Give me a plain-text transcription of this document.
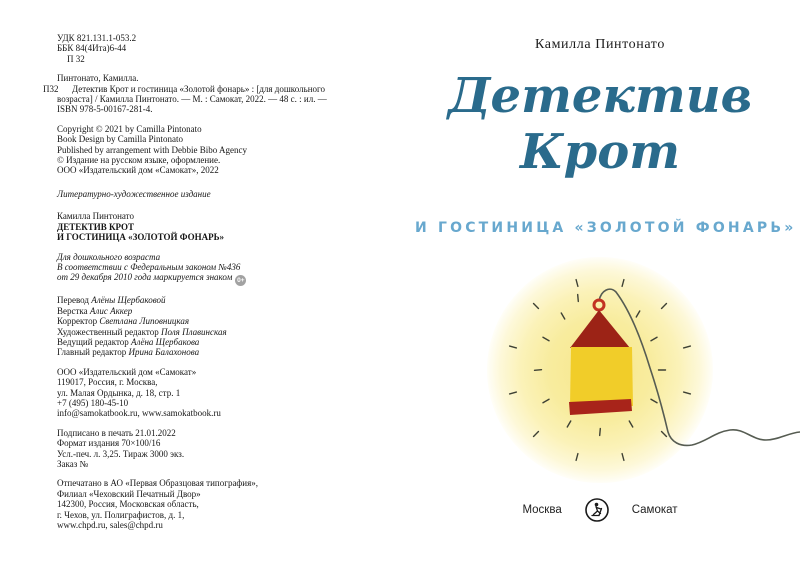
УДК 821.131.1-053.2
ББК 84(4Ита)6-44
П 32
Пинтонато, Камилла.
П32 Детектив Крот и гостиница «Золотой фонарь» : [для дошкольного
возраста] / Камилла Пинтонато. — М. : Самокат, 2022. — 48 с. : ил. —
ISBN 978-5-00167-281-4.
Copyright © 2021 by Camilla Pintonato
Book Design by Camilla Pintonato
Published by arrangement with Debbie Bibo Agency
© Издание на русском языке, оформление.
ООО «Издательский дом «Самокат», 2022
Литературно-художественное издание
Камилла Пинтонато
ДЕТЕКТИВ КРОТ
И ГОСТИНИЦА «ЗОЛОТОЙ ФОНАРЬ»
Для дошкольного возраста
В соответствии с Федеральным законом №436
от 29 декабря 2010 года маркируется знаком 0+
Перевод Алёны Щербаковой
Верстка Алис Аккер
Корректор Светлана Липовницкая
Художественный редактор Поля Плавинская
Ведущий редактор Алёна Щербакова
Главный редактор Ирина Балахонова
ООО «Издательский дом «Самокат»
119017, Россия, г. Москва,
ул. Малая Ордынка, д. 18, стр. 1
+7 (495) 180-45-10
info@samokatbook.ru, www.samokatbook.ru
Подписано в печать 21.01.2022
Формат издания 70×100/16
Усл.-печ. л. 3,25. Тираж 3000 экз.
Заказ №
Отпечатано в АО «Первая Образцовая типография»,
Филиал «Чеховский Печатный Двор»
142300, Россия, Московская область,
г. Чехов, ул. Полиграфистов, д. 1,
www.chpd.ru, sales@chpd.ru
Камилла Пинтонато
Детектив
Крот
И ГОСТИНИЦА «ЗОЛОТОЙ ФОНАРЬ»
Москва	Самокат
